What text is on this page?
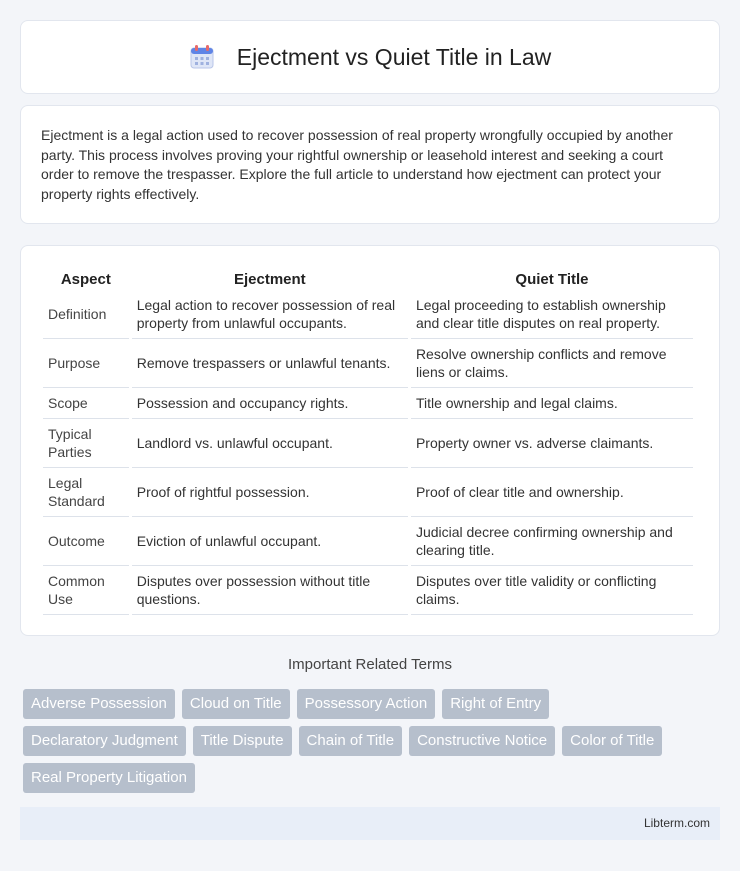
Ejectment vs Quiet Title in Law

Ejectment is a legal action used to recover possession of real property wrongfully occupied by another party. This process involves proving your rightful ownership or leasehold interest and seeking a court order to remove the trespasser. Explore the full article to understand how ejectment can protect your property rights effectively.

Aspect	Ejectment	Quiet Title
Definition	Legal action to recover possession of real property from unlawful occupants.	Legal proceeding to establish ownership and clear title disputes on real property.
Purpose	Remove trespassers or unlawful tenants.	Resolve ownership conflicts and remove liens or claims.
Scope	Possession and occupancy rights.	Title ownership and legal claims.
Typical Parties	Landlord vs. unlawful occupant.	Property owner vs. adverse claimants.
Legal Standard	Proof of rightful possession.	Proof of clear title and ownership.
Outcome	Eviction of unlawful occupant.	Judicial decree confirming ownership and clearing title.
Common Use	Disputes over possession without title questions.	Disputes over title validity or conflicting claims.
Important Related Terms
Adverse Possession	Cloud on Title	Possessory Action	Right of Entry
Declaratory Judgment	Title Dispute	Chain of Title	Constructive Notice	Color of Title
Real Property Litigation
Libterm.com
